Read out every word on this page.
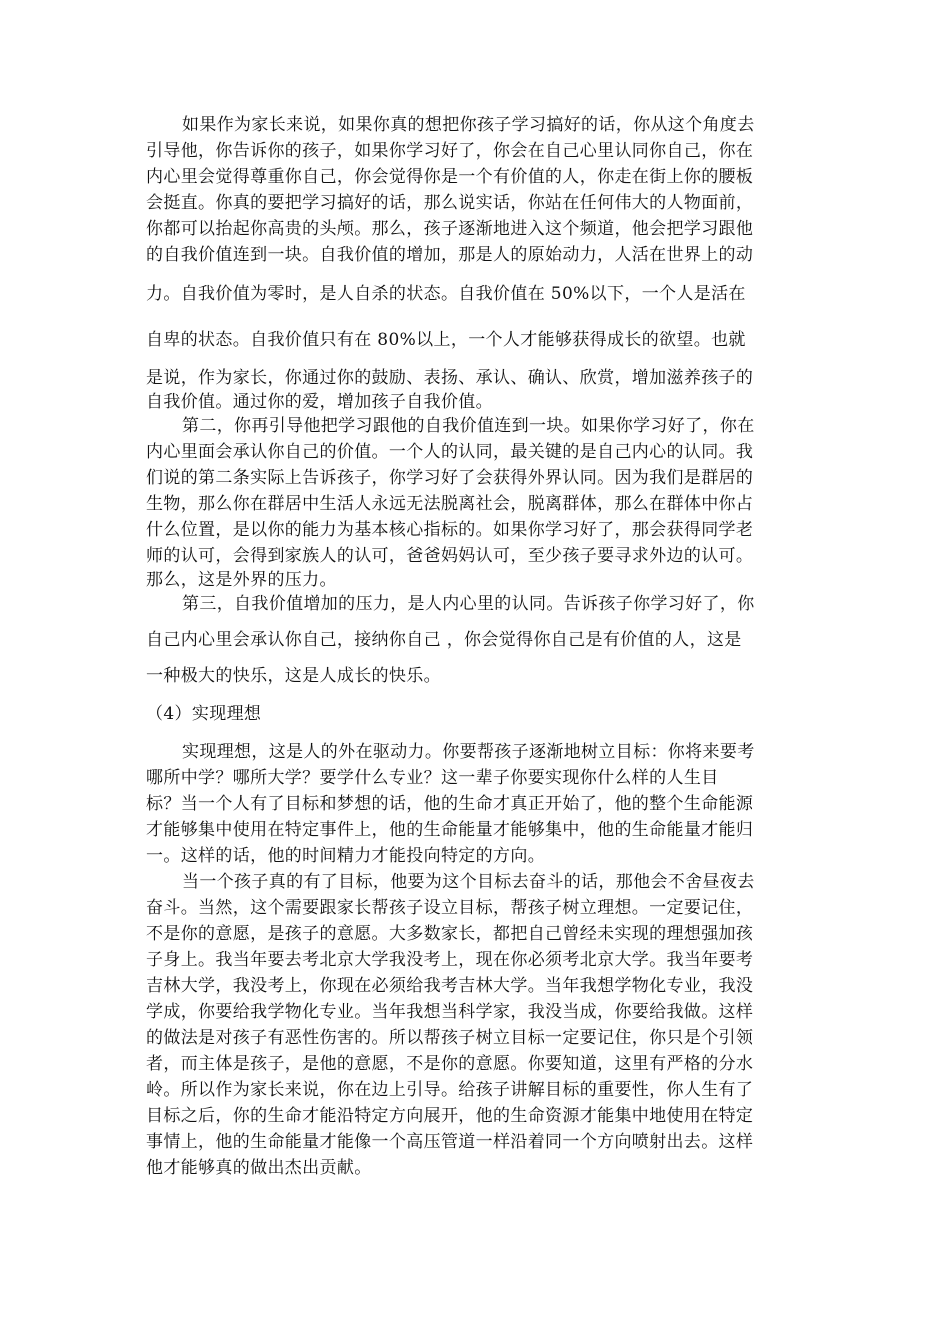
如果作为家长来说，如果你真的想把你孩子学习搞好的话，你从这个角度去
引导他，你告诉你的孩子，如果你学习好了，你会在自己心里认同你自己，你在
内心里会觉得尊重你自己，你会觉得你是一个有价值的人，你走在街上你的腰板
会挺直。你真的要把学习搞好的话，那么说实话，你站在任何伟大的人物面前，
你都可以抬起你高贵的头颅。那么，孩子逐渐地进入这个频道，他会把学习跟他
的自我价值连到一块。自我价值的增加，那是人的原始动力，人活在世界上的动
力。自我价值为零时，是人自杀的状态。自我价值在 50%以下，一个人是活在
自卑的状态。自我价值只有在 80%以上，一个人才能够获得成长的欲望。也就
是说，作为家长，你通过你的鼓励、表扬、承认、确认、欣赏，增加滋养孩子的
自我价值。通过你的爱，增加孩子自我价值。
第二，你再引导他把学习跟他的自我价值连到一块。如果你学习好了，你在
内心里面会承认你自己的价值。一个人的认同，最关键的是自己内心的认同。我
们说的第二条实际上告诉孩子，你学习好了会获得外界认同。因为我们是群居的
生物，那么你在群居中生活人永远无法脱离社会，脱离群体，那么在群体中你占
什么位置，是以你的能力为基本核心指标的。如果你学习好了，那会获得同学老
师的认可，会得到家族人的认可，爸爸妈妈认可，至少孩子要寻求外边的认可。
那么，这是外界的压力。
第三，自我价值增加的压力，是人内心里的认同。告诉孩子你学习好了，你
自己内心里会承认你自己，接纳你自己 ，你会觉得你自己是有价值的人，这是
一种极大的快乐，这是人成长的快乐。
（4）实现理想
实现理想，这是人的外在驱动力。你要帮孩子逐渐地树立目标：你将来要考
哪所中学？哪所大学？要学什么专业？这一辈子你要实现你什么样的人生目
标？当一个人有了目标和梦想的话，他的生命才真正开始了，他的整个生命能源
才能够集中使用在特定事件上，他的生命能量才能够集中，他的生命能量才能归
一。这样的话，他的时间精力才能投向特定的方向。
当一个孩子真的有了目标，他要为这个目标去奋斗的话，那他会不舍昼夜去
奋斗。当然，这个需要跟家长帮孩子设立目标，帮孩子树立理想。一定要记住，
不是你的意愿，是孩子的意愿。大多数家长，都把自己曾经未实现的理想强加孩
子身上。我当年要去考北京大学我没考上，现在你必须考北京大学。我当年要考
吉林大学，我没考上，你现在必须给我考吉林大学。当年我想学物化专业，我没
学成，你要给我学物化专业。当年我想当科学家，我没当成，你要给我做。这样
的做法是对孩子有恶性伤害的。所以帮孩子树立目标一定要记住，你只是个引领
者，而主体是孩子，是他的意愿，不是你的意愿。你要知道，这里有严格的分水
岭。所以作为家长来说，你在边上引导。给孩子讲解目标的重要性，你人生有了
目标之后，你的生命才能沿特定方向展开，他的生命资源才能集中地使用在特定
事情上，他的生命能量才能像一个高压管道一样沿着同一个方向喷射出去。这样
他才能够真的做出杰出贡献。
